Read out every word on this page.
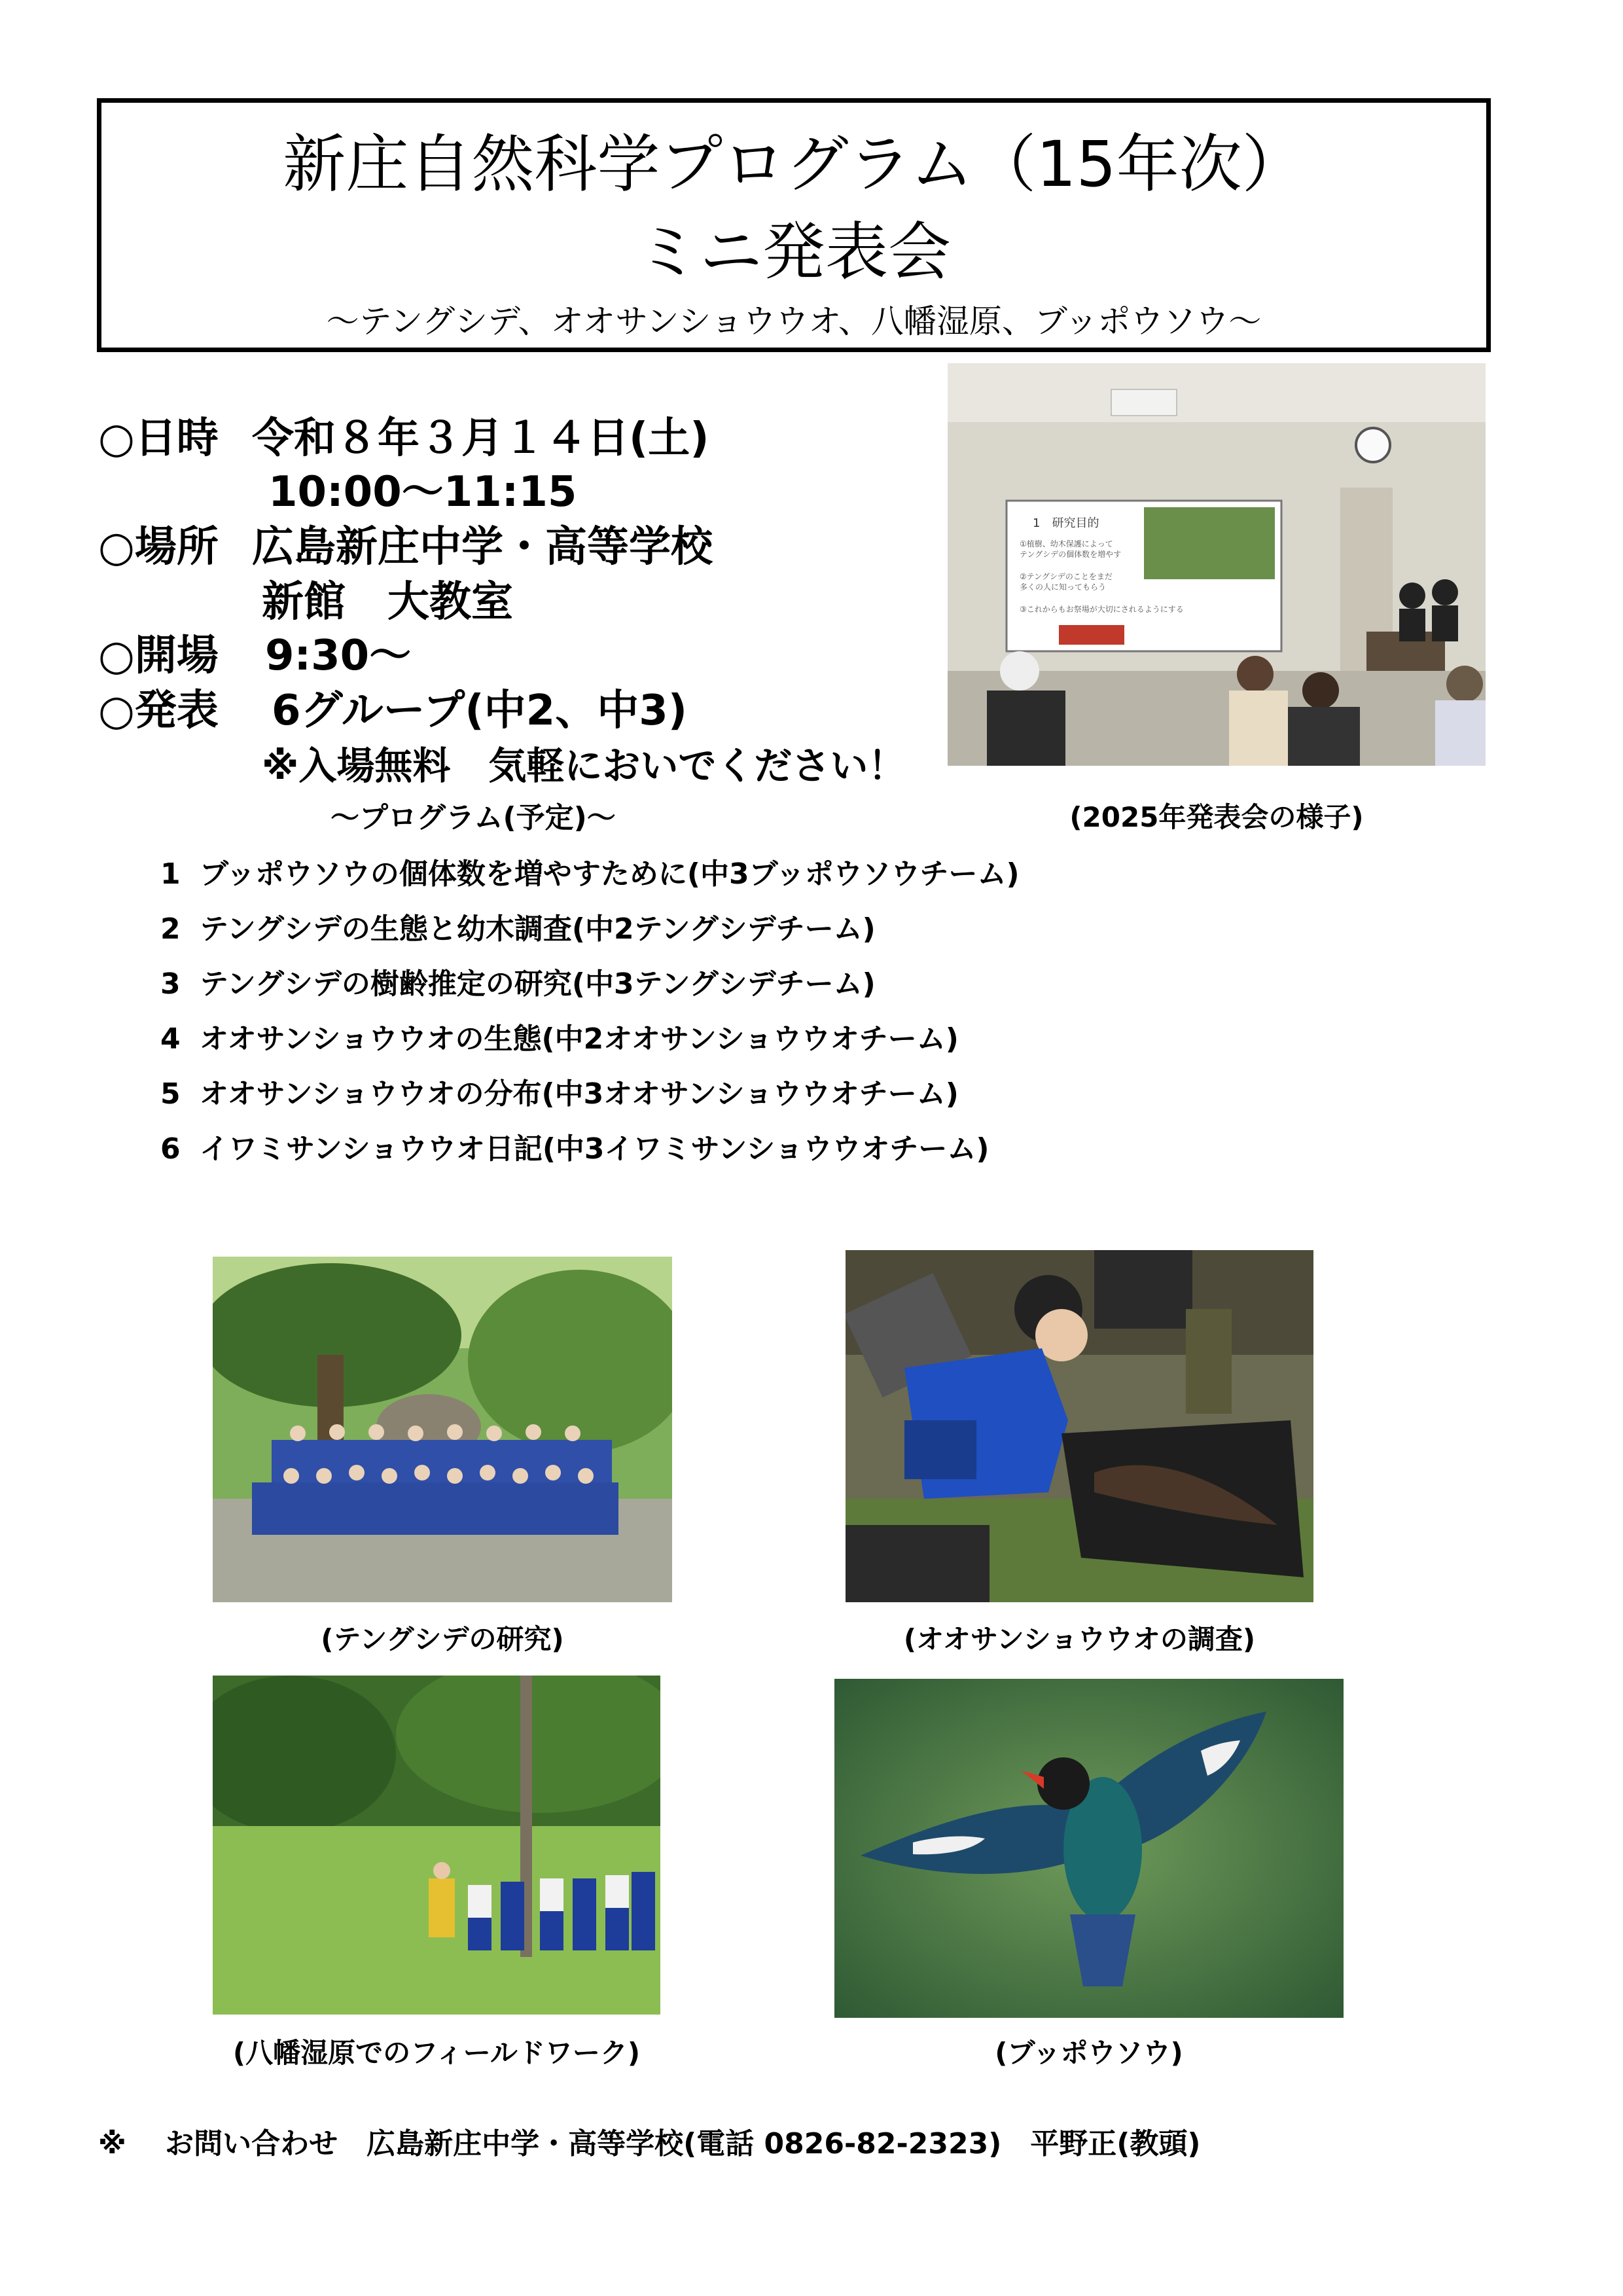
新庄自然科学プログラム（15年次）
ミニ発表会
～テングシデ、オオサンショウウオ、八幡湿原、ブッポウソウ～
○日時 令和８年３月１４日(土)
10:00～11:15
○場所 広島新庄中学・高等学校
新館　大教室
○開場 9:30～
○発表 6グループ(中2、中3)
※入場無料　気軽においでください！
1　研究目的
①植樹、幼木保護によって
テングシデの個体数を増やす
②テングシデのことをまだ
多くの人に知ってもらう
③これからもお祭場が大切にされるようにする
(2025年発表会の様子)
～プログラム(予定)～
1 ブッポウソウの個体数を増やすために(中3ブッポウソウチーム)
2 テングシデの生態と幼木調査(中2テングシデチーム)
3 テングシデの樹齢推定の研究(中3テングシデチーム)
4 オオサンショウウオの生態(中2オオサンショウウオチーム)
5 オオサンショウウオの分布(中3オオサンショウウオチーム)
6 イワミサンショウウオ日記(中3イワミサンショウウオチーム)
(テングシデの研究)	(オオサンショウウオの調査)
(八幡湿原でのフィールドワーク)	(ブッポウソウ)
※　 お問い合わせ　広島新庄中学・高等学校(電話 0826-82-2323)　平野正(教頭)
